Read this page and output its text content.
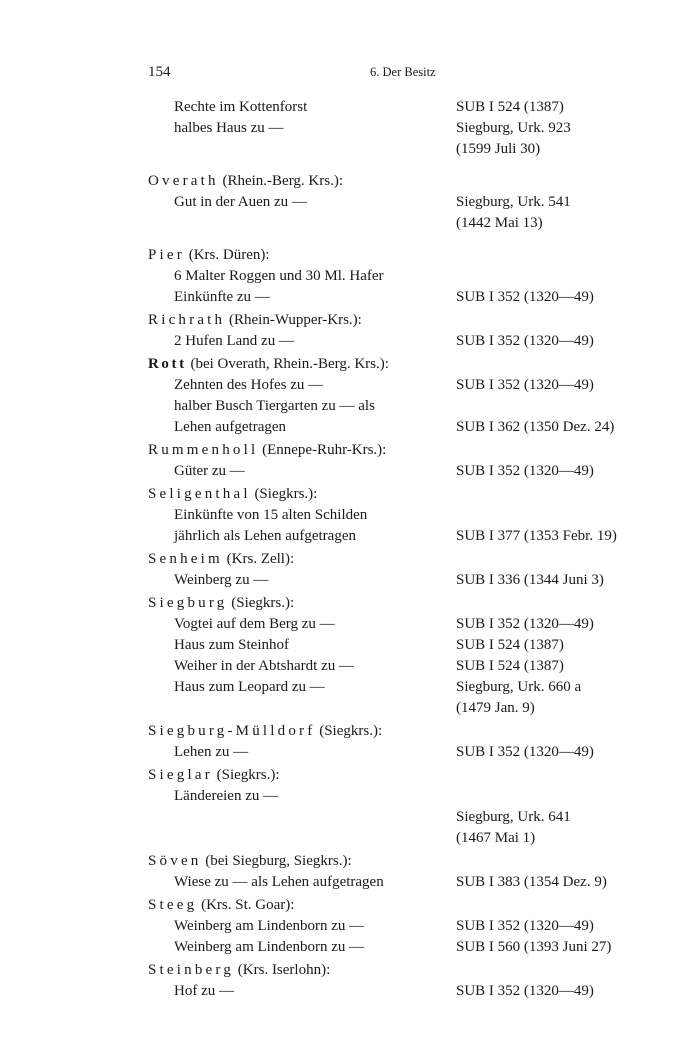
154	6. Der Besitz
Rechte im Kottenforst	SUB I 524 (1387)
halbes Haus zu —	Siegburg, Urk. 923
(1599 Juli 30)
Overath (Rhein.-Berg. Krs.):
Gut in der Auen zu —	Siegburg, Urk. 541
(1442 Mai 13)
Pier (Krs. Düren):
6 Malter Roggen und 30 Ml. Hafer
Einkünfte zu —	SUB I 352 (1320—49)
Richrath (Rhein-Wupper-Krs.):
2 Hufen Land zu —	SUB I 352 (1320—49)
Rott (bei Overath, Rhein.-Berg. Krs.):
Zehnten des Hofes zu —	SUB I 352 (1320—49)
halber Busch Tiergarten zu — als
Lehen aufgetragen	SUB I 362 (1350 Dez. 24)
Rummenholl (Ennepe-Ruhr-Krs.):
Güter zu —	SUB I 352 (1320—49)
Seligenthal (Siegkrs.):
Einkünfte von 15 alten Schilden
jährlich als Lehen aufgetragen	SUB I 377 (1353 Febr. 19)
Senheim (Krs. Zell):
Weinberg zu —	SUB I 336 (1344 Juni 3)
Siegburg (Siegkrs.):
Vogtei auf dem Berg zu —	SUB I 352 (1320—49)
Haus zum Steinhof	SUB I 524 (1387)
Weiher in der Abtshardt zu —	SUB I 524 (1387)
Haus zum Leopard zu —	Siegburg, Urk. 660 a
(1479 Jan. 9)
Siegburg-Mülldorf (Siegkrs.):
Lehen zu —	SUB I 352 (1320—49)
Sieglar (Siegkrs.):
Ländereien zu —
Siegburg, Urk. 641
(1467 Mai 1)
Söven (bei Siegburg, Siegkrs.):
Wiese zu — als Lehen aufgetragen	SUB I 383 (1354 Dez. 9)
Steeg (Krs. St. Goar):
Weinberg am Lindenborn zu —	SUB I 352 (1320—49)
Weinberg am Lindenborn zu —	SUB I 560 (1393 Juni 27)
Steinberg (Krs. Iserlohn):
Hof zu —	SUB I 352 (1320—49)
